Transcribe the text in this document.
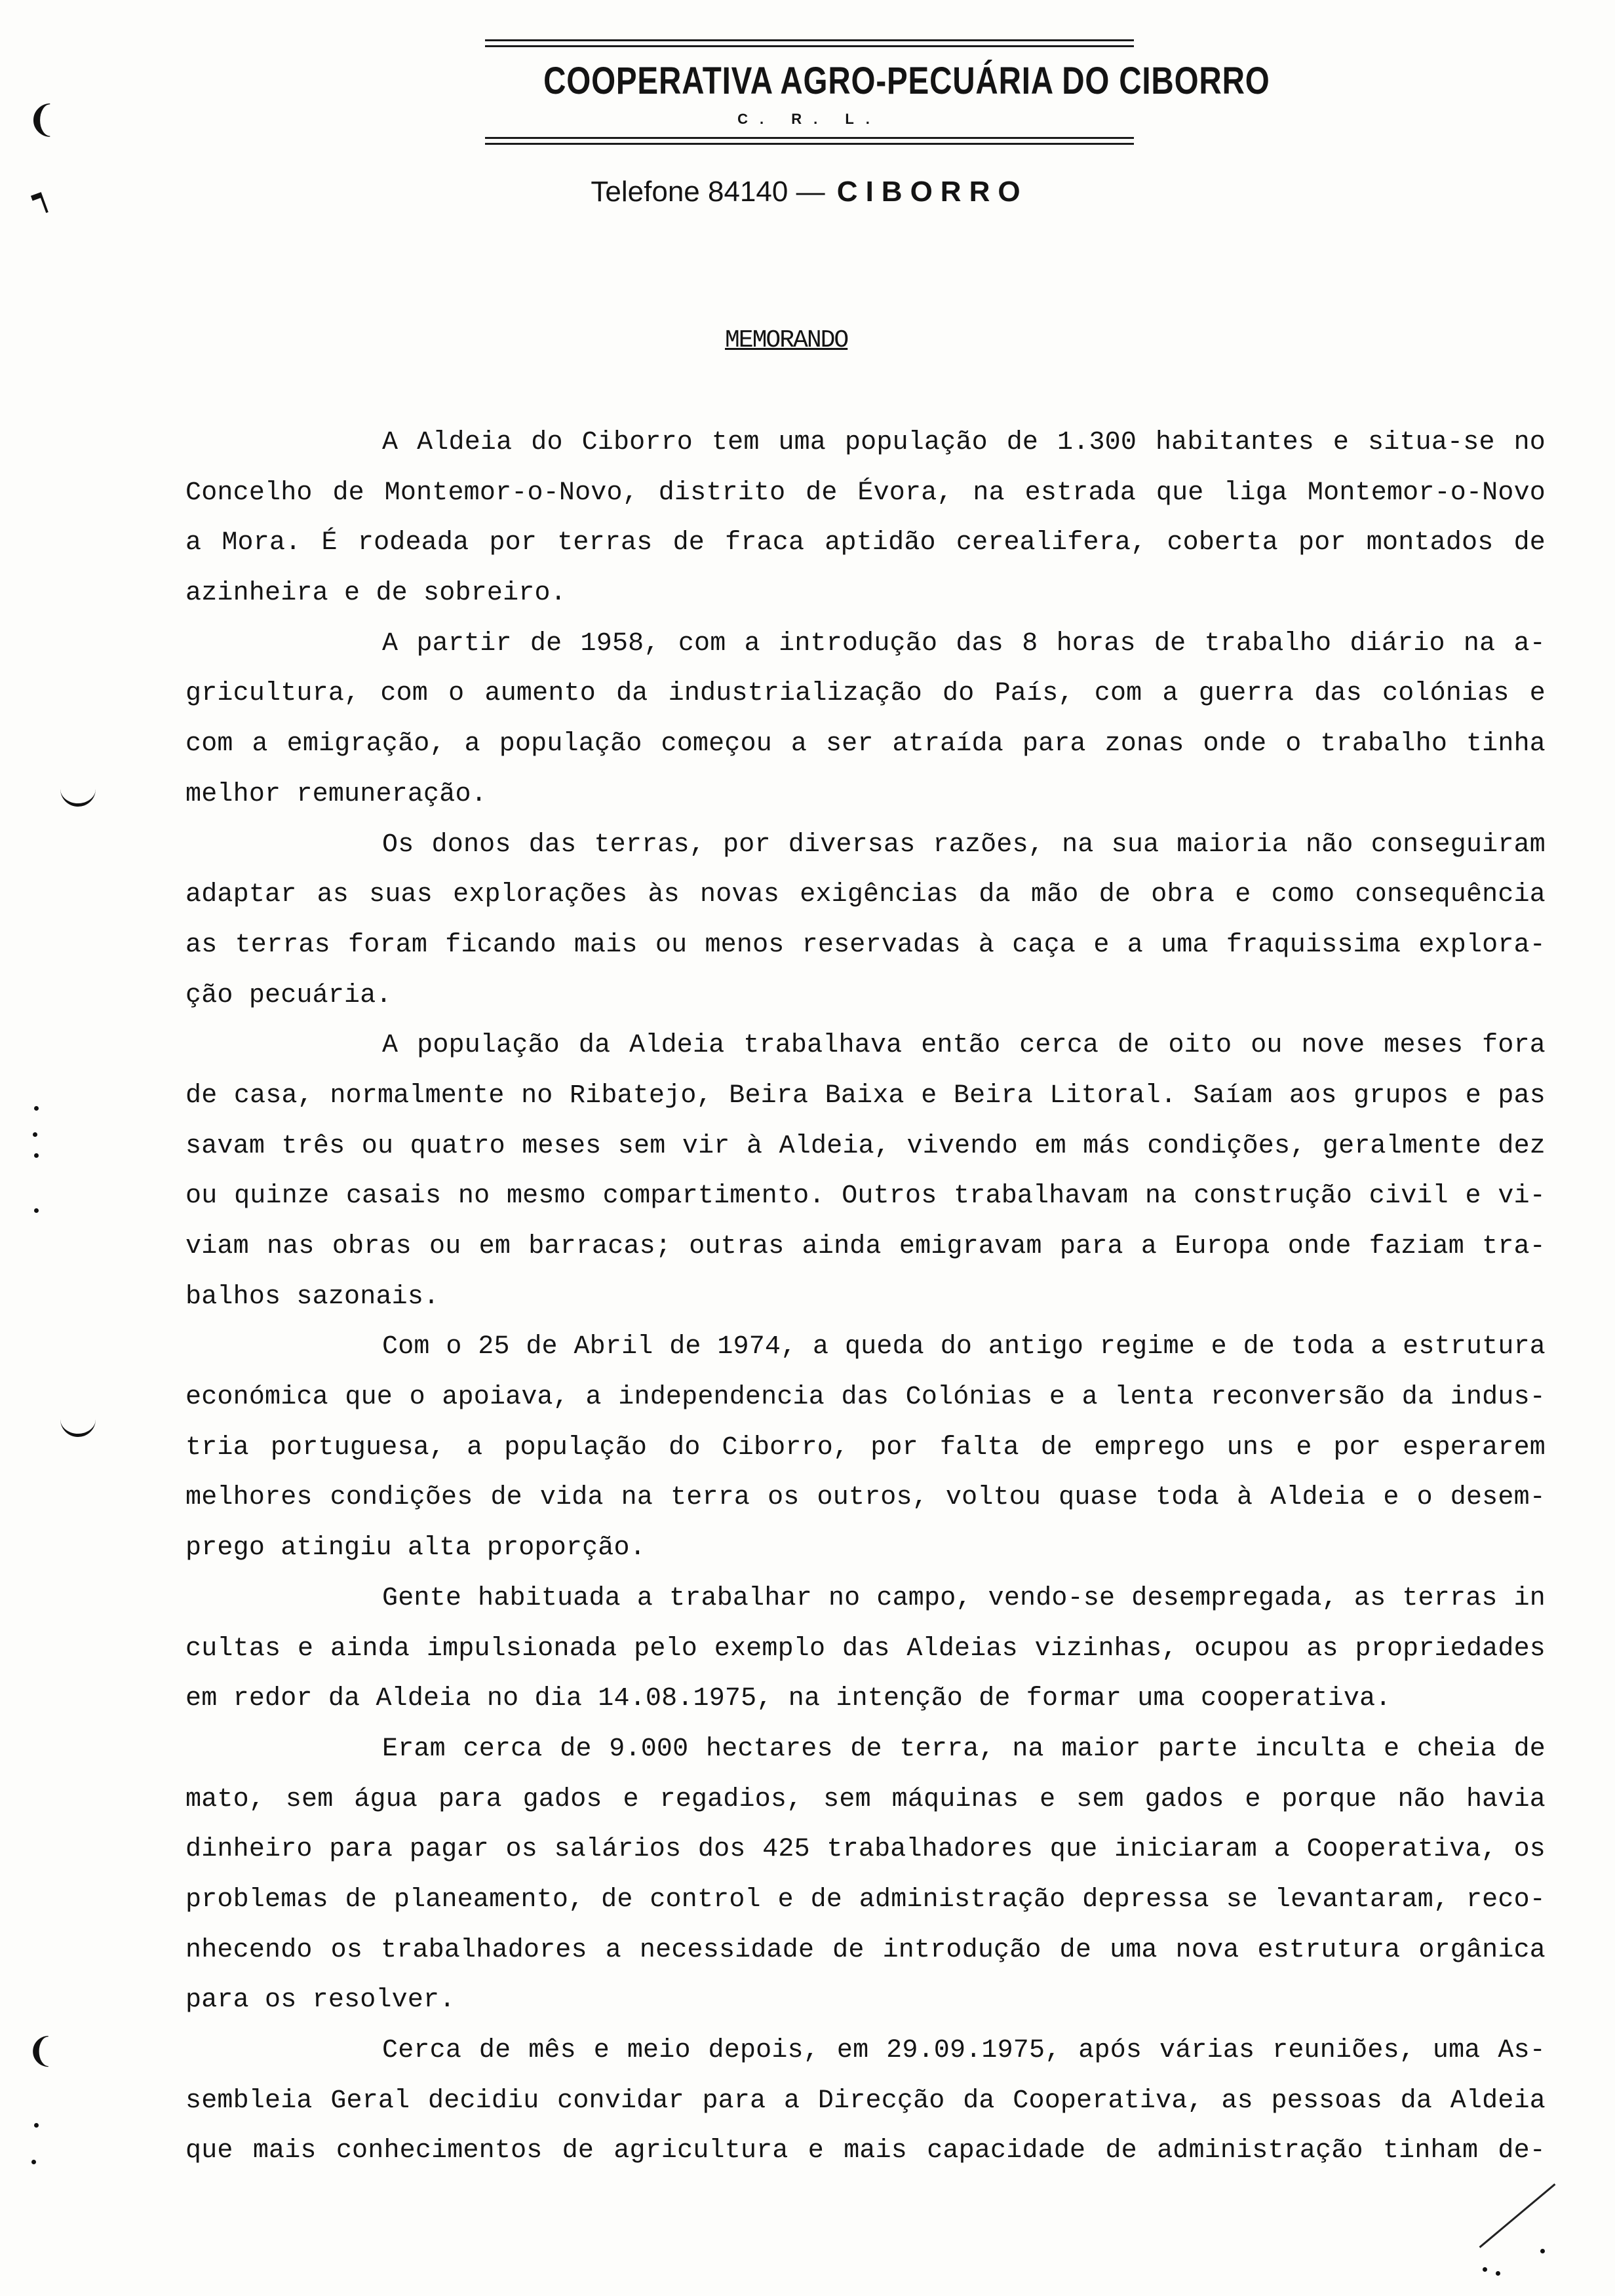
COOPERATIVA AGRO-PECUÁRIA DO CIBORRO
C. R. L.
Telefone 84140 — CIBORRO
MEMORANDO
A Aldeia do Ciborro tem uma população de 1.300 habitantes e situa-se no
Concelho de Montemor-o-Novo, distrito de Évora, na estrada que liga Montemor-o-Novo
a Mora. É rodeada por terras de fraca aptidão cerealifera, coberta por montados de
azinheira e de sobreiro.
A partir de 1958, com a introdução das 8 horas de trabalho diário na a-
gricultura, com o aumento da industrialização do País, com a guerra das colónias e
com a emigração, a população começou a ser atraída para zonas onde o trabalho tinha
melhor remuneração.
Os donos das terras, por diversas razões, na sua maioria não conseguiram
adaptar as suas explorações às novas exigências da mão de obra e como consequência
as terras foram ficando mais ou menos reservadas à caça e a uma fraquissima explora-
ção pecuária.
A população da Aldeia trabalhava então cerca de oito ou nove meses fora
de casa, normalmente no Ribatejo, Beira Baixa e Beira Litoral. Saíam aos grupos e pas
savam três ou quatro meses sem vir à Aldeia, vivendo em más condições, geralmente dez
ou quinze casais no mesmo compartimento. Outros trabalhavam na construção civil e vi-
viam nas obras ou em barracas; outras ainda emigravam para a Europa onde faziam tra-
balhos sazonais.
Com o 25 de Abril de 1974, a queda do antigo regime e de toda a estrutura
económica que o apoiava, a independencia das Colónias e a lenta reconversão da indus-
tria portuguesa, a população do Ciborro, por falta de emprego uns e por esperarem
melhores condições de vida na terra os outros, voltou quase toda à Aldeia e o desem-
prego atingiu alta proporção.
Gente habituada a trabalhar no campo, vendo-se desempregada, as terras in
cultas e ainda impulsionada pelo exemplo das Aldeias vizinhas, ocupou as propriedades
em redor da Aldeia no dia 14.08.1975, na intenção de formar uma cooperativa.
Eram cerca de 9.000 hectares de terra, na maior parte inculta e cheia de
mato, sem água para gados e regadios, sem máquinas e sem gados e porque não havia
dinheiro para pagar os salários dos 425 trabalhadores que iniciaram a Cooperativa, os
problemas de planeamento, de control e de administração depressa se levantaram, reco-
nhecendo os trabalhadores a necessidade de introdução de uma nova estrutura orgânica
para os resolver.
Cerca de mês e meio depois, em 29.09.1975, após várias reuniões, uma As-
sembleia Geral decidiu convidar para a Direcção da Cooperativa, as pessoas da Aldeia
que mais conhecimentos de agricultura e mais capacidade de administração tinham de-
❨
┑
❨
